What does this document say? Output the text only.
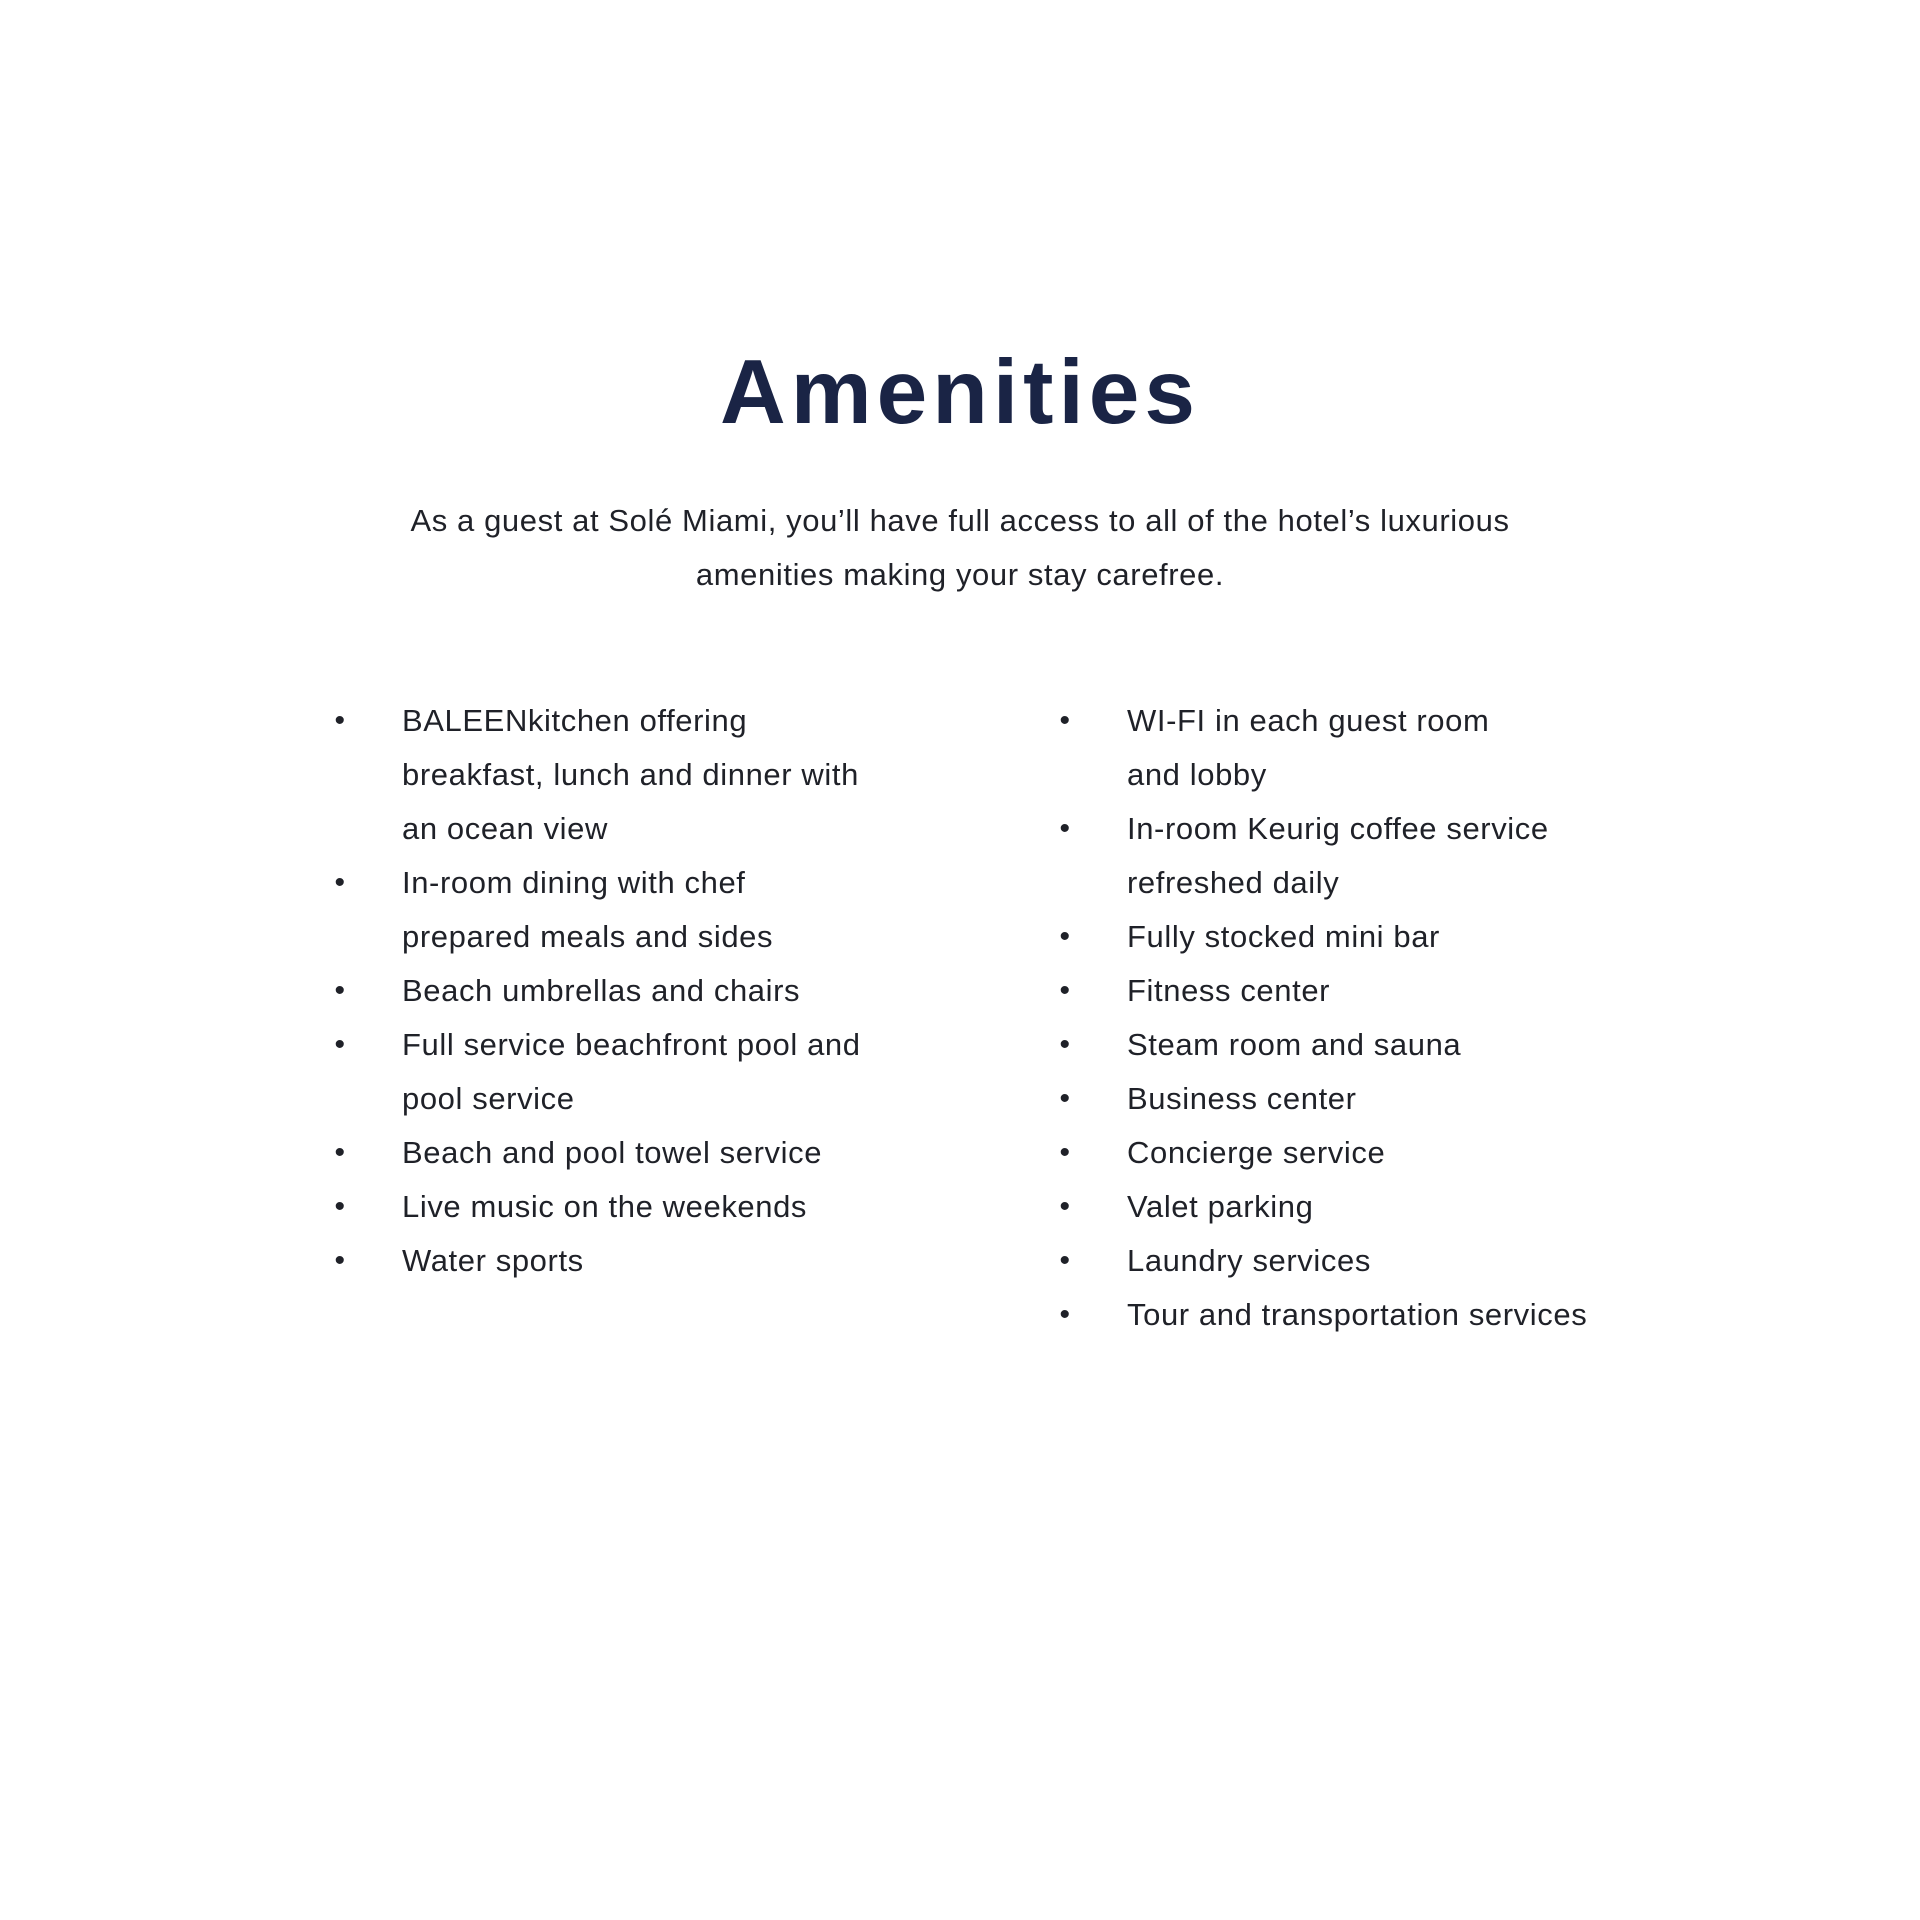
Amenities

As a guest at Solé Miami, you’ll have full access to all of the hotel’s luxurious
amenities making your stay carefree.

• BALEENkitchen offering
breakfast, lunch and dinner with
an ocean view
• In-room dining with chef
prepared meals and sides
• Beach umbrellas and chairs
• Full service beachfront pool and
pool service
• Beach and pool towel service
• Live music on the weekends
• Water sports
• WI-FI in each guest room
and lobby
• In-room Keurig coffee service
refreshed daily
• Fully stocked mini bar
• Fitness center
• Steam room and sauna
• Business center
• Concierge service
• Valet parking
• Laundry services
• Tour and transportation services
